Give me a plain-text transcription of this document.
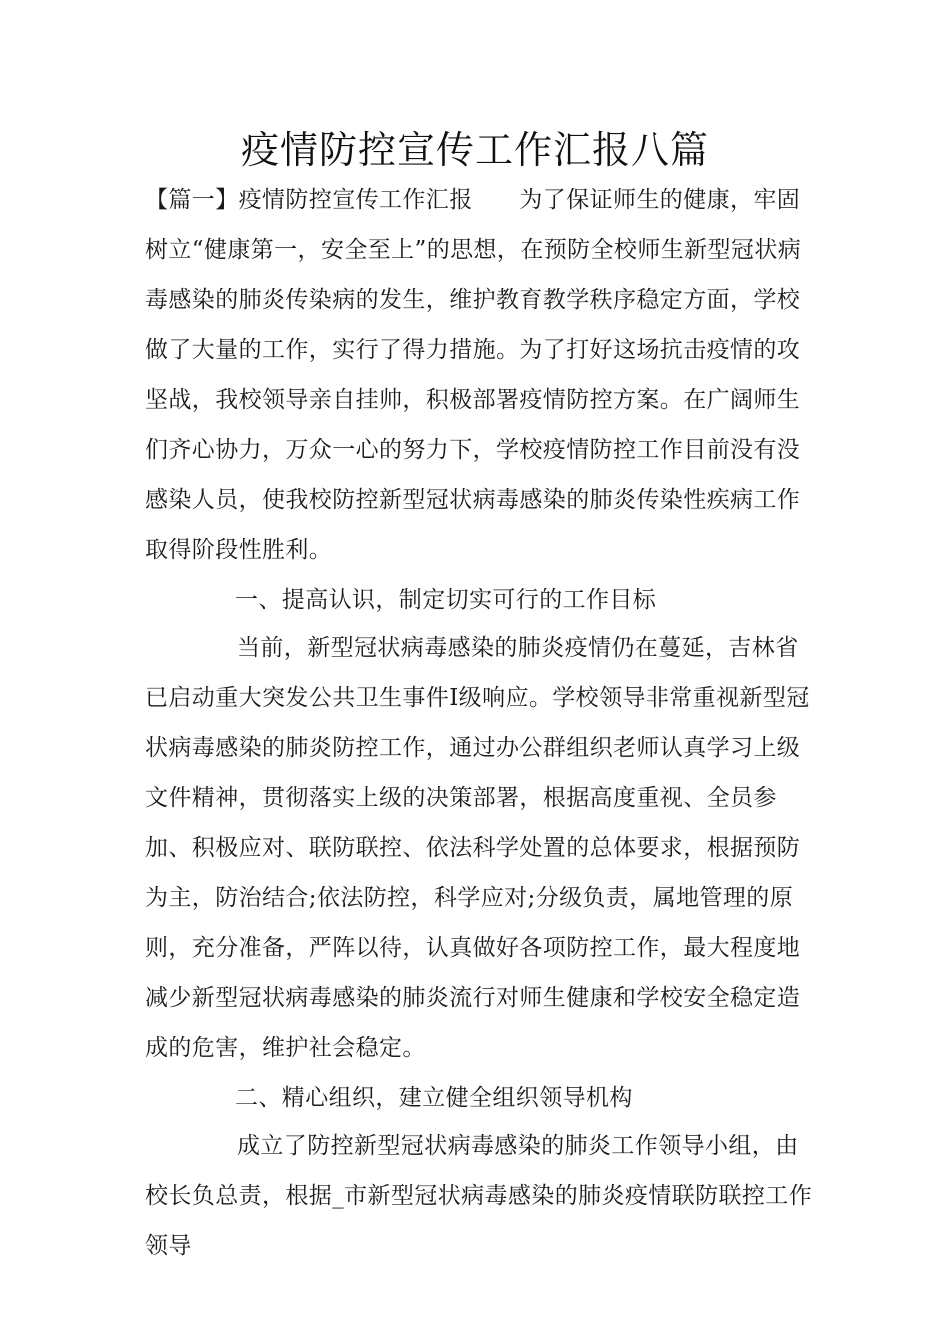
疫情防控宣传工作汇报八篇

【篇一】疫情防控宣传工作汇报　　为了保证师生的健康，牢固树立“健康第一，安全至上”的思想，在预防全校师生新型冠状病毒感染的肺炎传染病的发生，维护教育教学秩序稳定方面，学校做了大量的工作，实行了得力措施。为了打好这场抗击疫情的攻坚战，我校领导亲自挂帅，积极部署疫情防控方案。在广阔师生们齐心协力，万众一心的努力下，学校疫情防控工作目前没有没感染人员，使我校防控新型冠状病毒感染的肺炎传染性疾病工作取得阶段性胜利。

一、提高认识，制定切实可行的工作目标

当前，新型冠状病毒感染的肺炎疫情仍在蔓延，吉林省已启动重大突发公共卫生事件Ⅰ级响应。学校领导非常重视新型冠状病毒感染的肺炎防控工作，通过办公群组织老师认真学习上级文件精神，贯彻落实上级的决策部署，根据高度重视、全员参加、积极应对、联防联控、依法科学处置的总体要求，根据预防为主，防治结合;依法防控，科学应对;分级负责，属地管理的原则，充分准备，严阵以待，认真做好各项防控工作，最大程度地减少新型冠状病毒感染的肺炎流行对师生健康和学校安全稳定造成的危害，维护社会稳定。

二、精心组织，建立健全组织领导机构

成立了防控新型冠状病毒感染的肺炎工作领导小组，由校长负总责，根据_市新型冠状病毒感染的肺炎疫情联防联控工作领导
